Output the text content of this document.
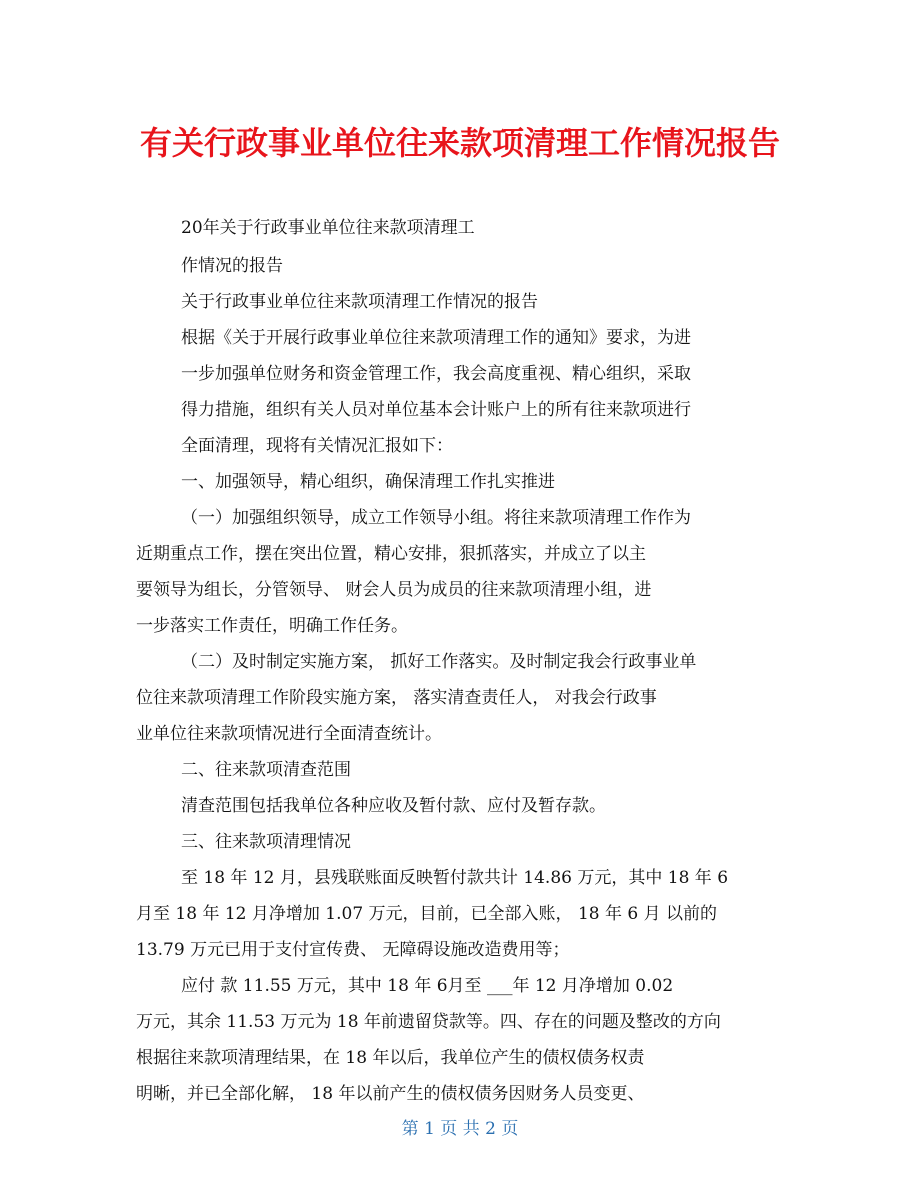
有关行政事业单位往来款项清理工作情况报告
20年关于行政事业单位往来款项清理工
作情况的报告
关于行政事业单位往来款项清理工作情况的报告
根据《关于开展行政事业单位往来款项清理工作的通知》要求，为进
一步加强单位财务和资金管理工作，我会高度重视、精心组织，采取
得力措施，组织有关人员对单位基本会计账户上的所有往来款项进行
全面清理，现将有关情况汇报如下：
一、加强领导，精心组织，确保清理工作扎实推进
（一）加强组织领导，成立工作领导小组。将往来款项清理工作作为
近期重点工作，摆在突出位置，精心安排，狠抓落实，并成立了以主
要领导为组长，分管领导、 财会人员为成员的往来款项清理小组，进
一步落实工作责任，明确工作任务。
（二）及时制定实施方案， 抓好工作落实。及时制定我会行政事业单
位往来款项清理工作阶段实施方案， 落实清查责任人， 对我会行政事
业单位往来款项情况进行全面清查统计。
二、往来款项清查范围
清查范围包括我单位各种应收及暂付款、应付及暂存款。
三、往来款项清理情况
至 18 年 12 月，县残联账面反映暂付款共计 14.86 万元，其中 18 年 6
月至 18 年 12 月净增加 1.07 万元，目前，已全部入账， 18 年 6 月 以前的
13.79 万元已用于支付宣传费、 无障碍设施改造费用等；
应付 款 11.55 万元，其中 18 年 6月至 ___年 12 月净增加 0.02
万元，其余 11.53 万元为 18 年前遗留贷款等。四、存在的问题及整改的方向
根据往来款项清理结果，在 18 年以后，我单位产生的债权债务权责
明晰，并已全部化解， 18 年以前产生的债权债务因财务人员变更、
第 1 页 共 2 页
